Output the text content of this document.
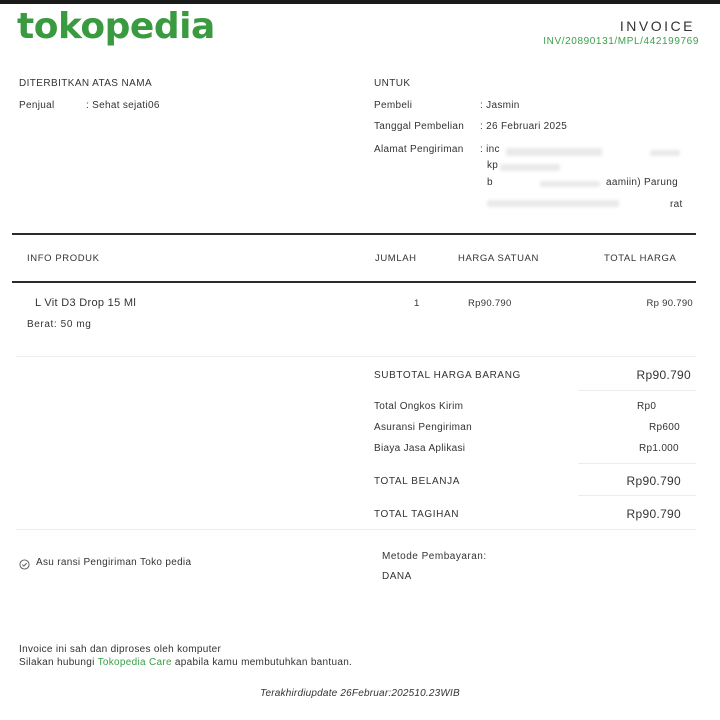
tokopedia	INVOICE
INV/20890131/MPL/442199769
DITERBITKAN ATAS NAMA
Penjual	: Sehat sejati06
UNTUK
Pembeli	: Jasmin
Tanggal Pembelian : 26 Februari 2025
Alamat Pengiriman : inc
kp
b	aamiin) Parung
rat
INFO PRODUK	JUMLAH	HARGA SATUAN	TOTAL HARGA
L Vit D3 Drop 15 Ml
Berat: 50 mg
1	Rp90.790	Rp 90.790
SUBTOTAL HARGA BARANG	Rp90.790
Total Ongkos Kirim	Rp0
Asuransi Pengiriman	Rp600
Biaya Jasa Aplikasi	Rp1.000
TOTAL BELANJA	Rp90.790
TOTAL TAGIHAN	Rp90.790
Asu ransi Pengiriman Toko pedia
Metode Pembayaran:
DANA
Invoice ini sah dan diproses oleh komputer
Silakan hubungi Tokopedia Care apabila kamu membutuhkan bantuan.
Terakhirdiupdate 26Februar:202510.23WIB
